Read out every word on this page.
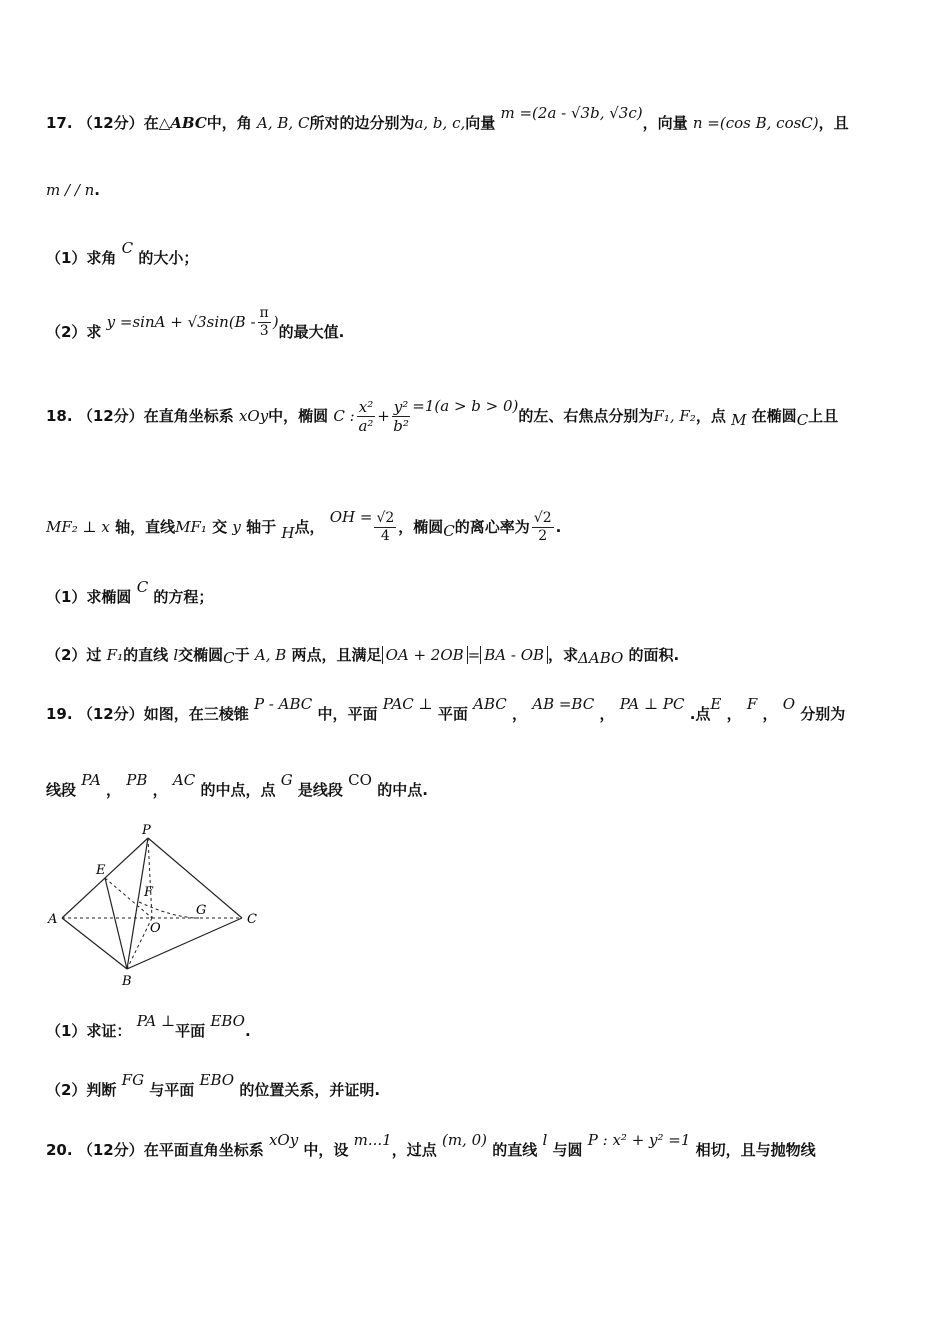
17. （12分）在△ABC中，角 A, B, C所对的边分别为a, b, c,向量 m =(2a - √3b, √3c)，向量 n =(cos B, cosC)，且
m / / n.
（1）求角 C 的大小；
（2）求 $y =\sin A + √3\sin(B - \frac{\pi}{3}$ )的最大值.
18. （12分）在直角坐标系 xOy中，椭圆 C : $\frac{\text{x²}}{\text{a²}} + \frac{\text{y²}}{\text{b²}} =1(a > b > 0)$的左、右焦点分别为F₁, F₂，点 M 在椭圆C上且
MF₂ ⊥ x 轴，直线MF₁ 交 y 轴于 H点， OH = $\frac{√2}{4}$ ，椭圆C的离心率为 $\frac{√2}{2}$ .
（1）求椭圆 C 的方程；
（2）过 F₁的直线 l交椭圆C于 A, B 两点，且满足 OA + 2OB = BA - OB ，求ΔABO 的面积.
19. （12分）如图，在三棱锥 P - ABC 中，平面 PAC ⊥ 平面 ABC ， AB =BC ， PA ⊥ PC .点E ， F ， O 分别为
线段 PA ， PB ， AC 的中点，点 G 是线段 CO 的中点.
P
E
F
G
A
O
C
B
（1）求证： PA ⊥平面 EBO.
（2）判断 FG 与平面 EBO 的位置关系，并证明.
20. （12分）在平面直角坐标系 xOy 中，设 m...1，过点 (m, 0) 的直线 l 与圆 P : x² + y² =1 相切，且与抛物线
